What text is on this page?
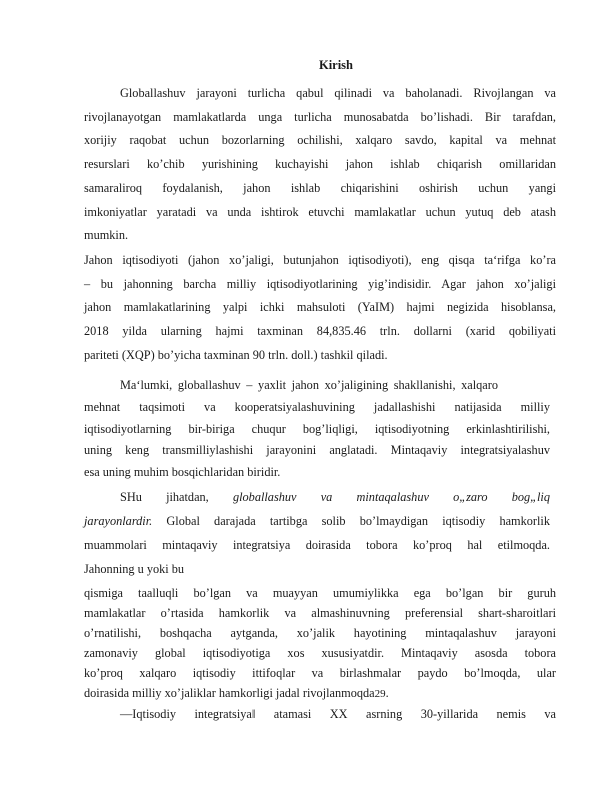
Kirish

Globallashuv jarayoni turlicha qabul qilinadi va baholanadi. Rivojlangan va

rivojlanayotgan mamlakatlarda unga turlicha munosabatda bo’lishadi. Bir tarafdan,

xorijiy raqobat uchun bozorlarning ochilishi, xalqaro savdo, kapital va mehnat

resurslari ko’chib yurishining kuchayishi jahon ishlab chiqarish omillaridan

samaraliroq foydalanish, jahon ishlab chiqarishini oshirish uchun yangi

imkoniyatlar yaratadi va unda ishtirok etuvchi mamlakatlar uchun yutuq deb atash

mumkin.

Jahon iqtisodiyoti (jahon xo’jaligi, butunjahon iqtisodiyoti), eng qisqa ta‘rifga ko’ra

– bu jahonning barcha milliy iqtisodiyotlarining yig’indisidir. Agar jahon xo’jaligi

jahon mamlakatlarining yalpi ichki mahsuloti (YaIM) hajmi negizida hisoblansa,

2018 yilda ularning hajmi taxminan 84,835.46 trln. dollarni (xarid qobiliyati

pariteti (XQP) bo’yicha taxminan 90 trln. doll.) tashkil qiladi.

Ma‘lumki, globallashuv – yaxlit jahon xo’jaligining shakllanishi, xalqaro

mehnat taqsimoti va kooperatsiyalashuvining jadallashishi natijasida milliy

iqtisodiyotlarning bir-biriga chuqur bog’liqligi, iqtisodiyotning erkinlashtirilishi,

uning keng transmilliylashishi jarayonini anglatadi. Mintaqaviy integratsiyalashuv

esa uning muhim bosqichlaridan biridir.

SHu jihatdan, globallashuv va mintaqalashuv o„zaro bog„liq

jarayonlardir. Global darajada tartibga solib bo’lmaydigan iqtisodiy hamkorlik

muammolari mintaqaviy integratsiya doirasida tobora ko’proq hal etilmoqda.

Jahonning u yoki bu

qismiga taalluqli bo’lgan va muayyan umumiylikka ega bo’lgan bir guruh

mamlakatlar o’rtasida hamkorlik va almashinuvning preferensial shart-sharoitlari

o’rnatilishi, boshqacha aytganda, xo’jalik hayotining mintaqalashuv jarayoni

zamonaviy global iqtisodiyotiga xos xususiyatdir. Mintaqaviy asosda tobora

ko’proq xalqaro iqtisodiy ittifoqlar va birlashmalar paydo bo’lmoqda, ular

doirasida milliy xo’jaliklar hamkorligi jadal rivojlanmoqda29.

―Iqtisodiy integratsiya‖ atamasi XX asrning 30-yillarida nemis va
